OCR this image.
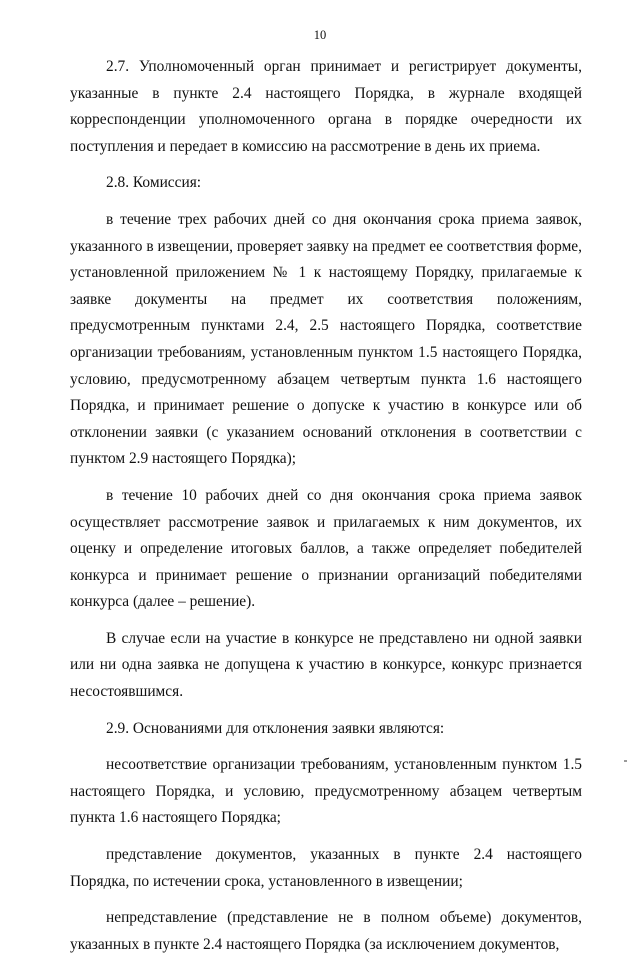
10

2.7. Уполномоченный орган принимает и регистрирует документы, указанные в пункте 2.4 настоящего Порядка, в журнале входящей корреспонденции уполномоченного органа в порядке очередности их поступления и передает в комиссию на рассмотрение в день их приема.

2.8. Комиссия:

в течение трех рабочих дней со дня окончания срока приема заявок, указанного в извещении, проверяет заявку на предмет ее соответствия форме, установленной приложением № 1 к настоящему Порядку, прилагаемые к заявке документы на предмет их соответствия положениям, предусмотренным пунктами 2.4, 2.5 настоящего Порядка, соответствие организации требованиям, установленным пунктом 1.5 настоящего Порядка, условию, предусмотренному абзацем четвертым пункта 1.6 настоящего Порядка, и принимает решение о допуске к участию в конкурсе или об отклонении заявки (с указанием оснований отклонения в соответствии с пунктом 2.9 настоящего Порядка);

в течение 10 рабочих дней со дня окончания срока приема заявок осуществляет рассмотрение заявок и прилагаемых к ним документов, их оценку и определение итоговых баллов, а также определяет победителей конкурса и принимает решение о признании организаций победителями конкурса (далее – решение).

В случае если на участие в конкурсе не представлено ни одной заявки или ни одна заявка не допущена к участию в конкурсе, конкурс признается несостоявшимся.

2.9. Основаниями для отклонения заявки являются:

несоответствие организации требованиям, установленным пунктом 1.5 настоящего Порядка, и условию, предусмотренному абзацем четвертым пункта 1.6 настоящего Порядка;

представление документов, указанных в пункте 2.4 настоящего Порядка, по истечении срока, установленного в извещении;

непредставление (представление не в полном объеме) документов, указанных в пункте 2.4 настоящего Порядка (за исключением документов,
